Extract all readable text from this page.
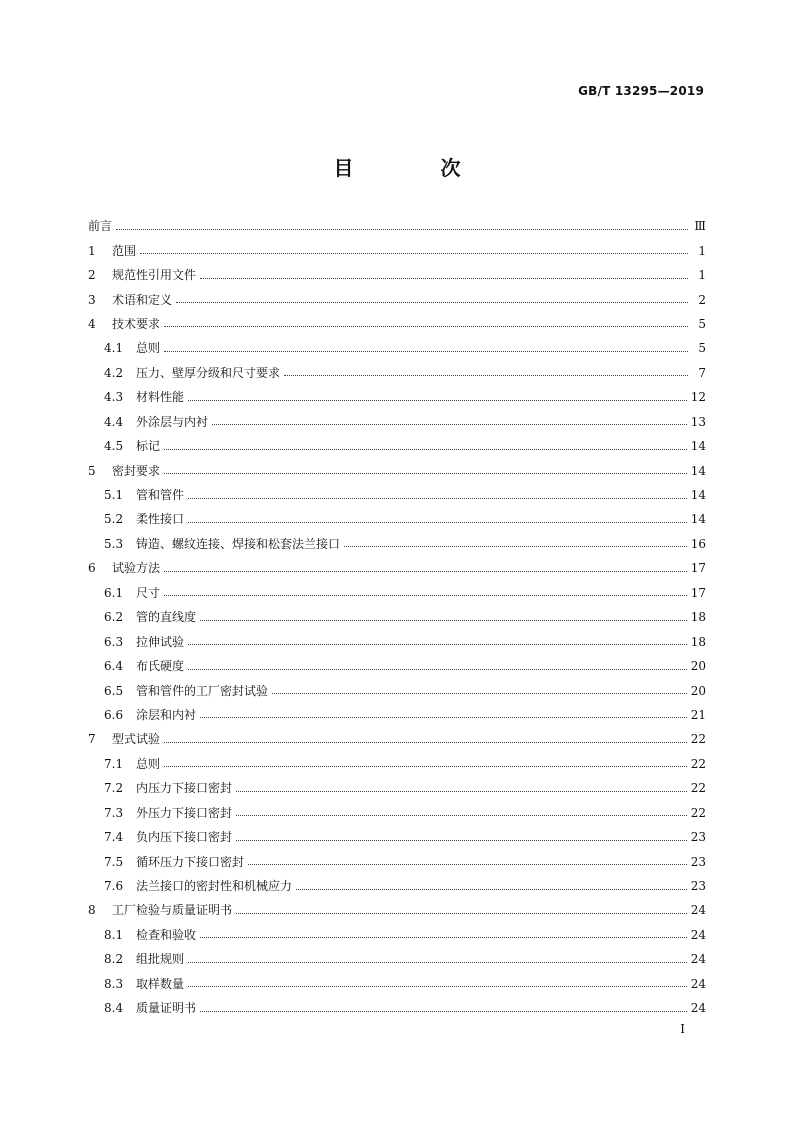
GB/T 13295—2019
目 次
前言	Ⅲ
1	范围	1
2	规范性引用文件	1
3	术语和定义	2
4	技术要求	5
4.1	总则	5
4.2	压力、壁厚分级和尺寸要求	7
4.3	材料性能	12
4.4	外涂层与内衬	13
4.5	标记	14
5	密封要求	14
5.1	管和管件	14
5.2	柔性接口	14
5.3	铸造、螺纹连接、焊接和松套法兰接口	16
6	试验方法	17
6.1	尺寸	17
6.2	管的直线度	18
6.3	拉伸试验	18
6.4	布氏硬度	20
6.5	管和管件的工厂密封试验	20
6.6	涂层和内衬	21
7	型式试验	22
7.1	总则	22
7.2	内压力下接口密封	22
7.3	外压力下接口密封	22
7.4	负内压下接口密封	23
7.5	循环压力下接口密封	23
7.6	法兰接口的密封性和机械应力	23
8	工厂检验与质量证明书	24
8.1	检查和验收	24
8.2	组批规则	24
8.3	取样数量	24
8.4	质量证明书	24
Ⅰ
